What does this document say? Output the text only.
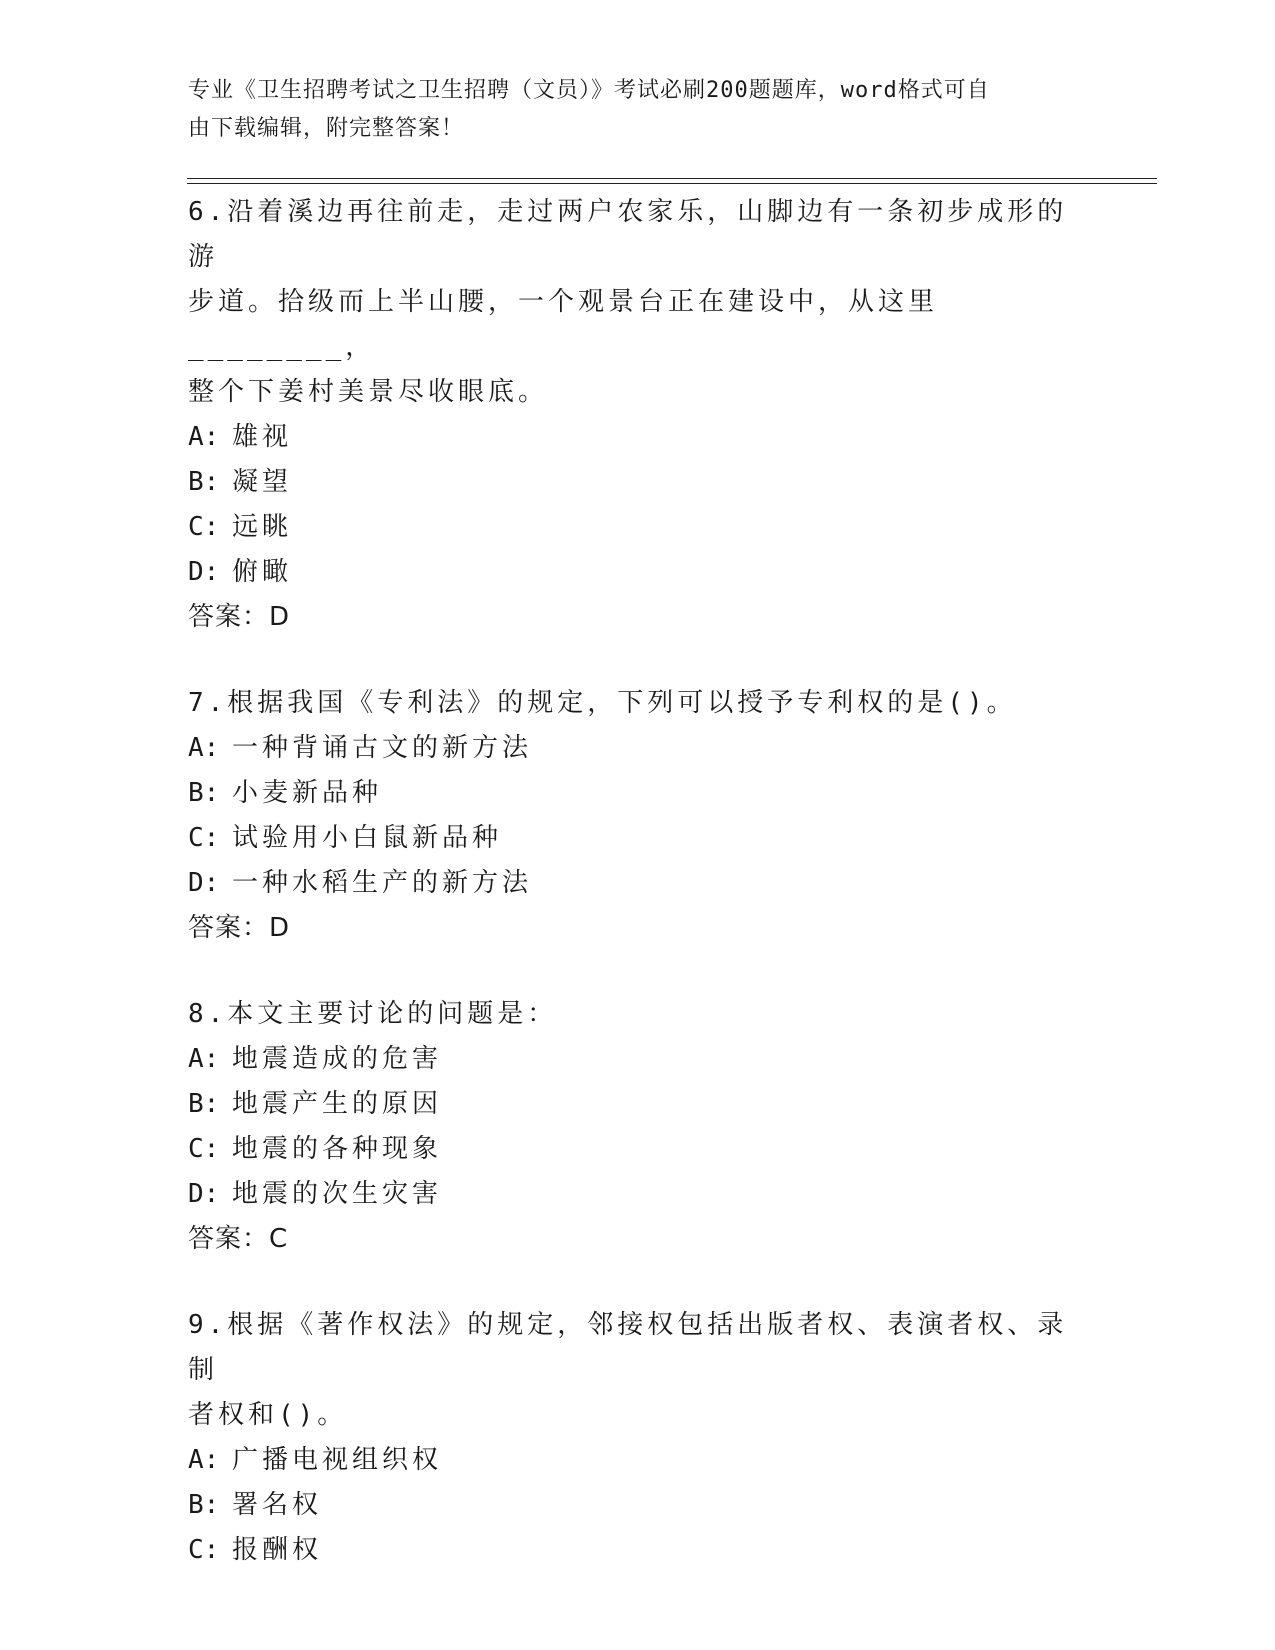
专业《卫生招聘考试之卫生招聘（文员）》考试必刷200题题库，word格式可自
由下载编辑，附完整答案！

6.沿着溪边再往前走，走过两户农家乐，山脚边有一条初步成形的游

步道。拾级而上半山腰，一个观景台正在建设中，从这里________，

整个下姜村美景尽收眼底。

A: 雄视
B: 凝望
C: 远眺
D: 俯瞰

答案：D

7.根据我国《专利法》的规定，下列可以授予专利权的是()。

A: 一种背诵古文的新方法
B: 小麦新品种
C: 试验用小白鼠新品种
D: 一种水稻生产的新方法

答案：D

8.本文主要讨论的问题是：

A: 地震造成的危害
B: 地震产生的原因
C: 地震的各种现象
D: 地震的次生灾害

答案：C

9.根据《著作权法》的规定，邻接权包括出版者权、表演者权、录制

者权和()。

A: 广播电视组织权
B: 署名权
C: 报酬权
